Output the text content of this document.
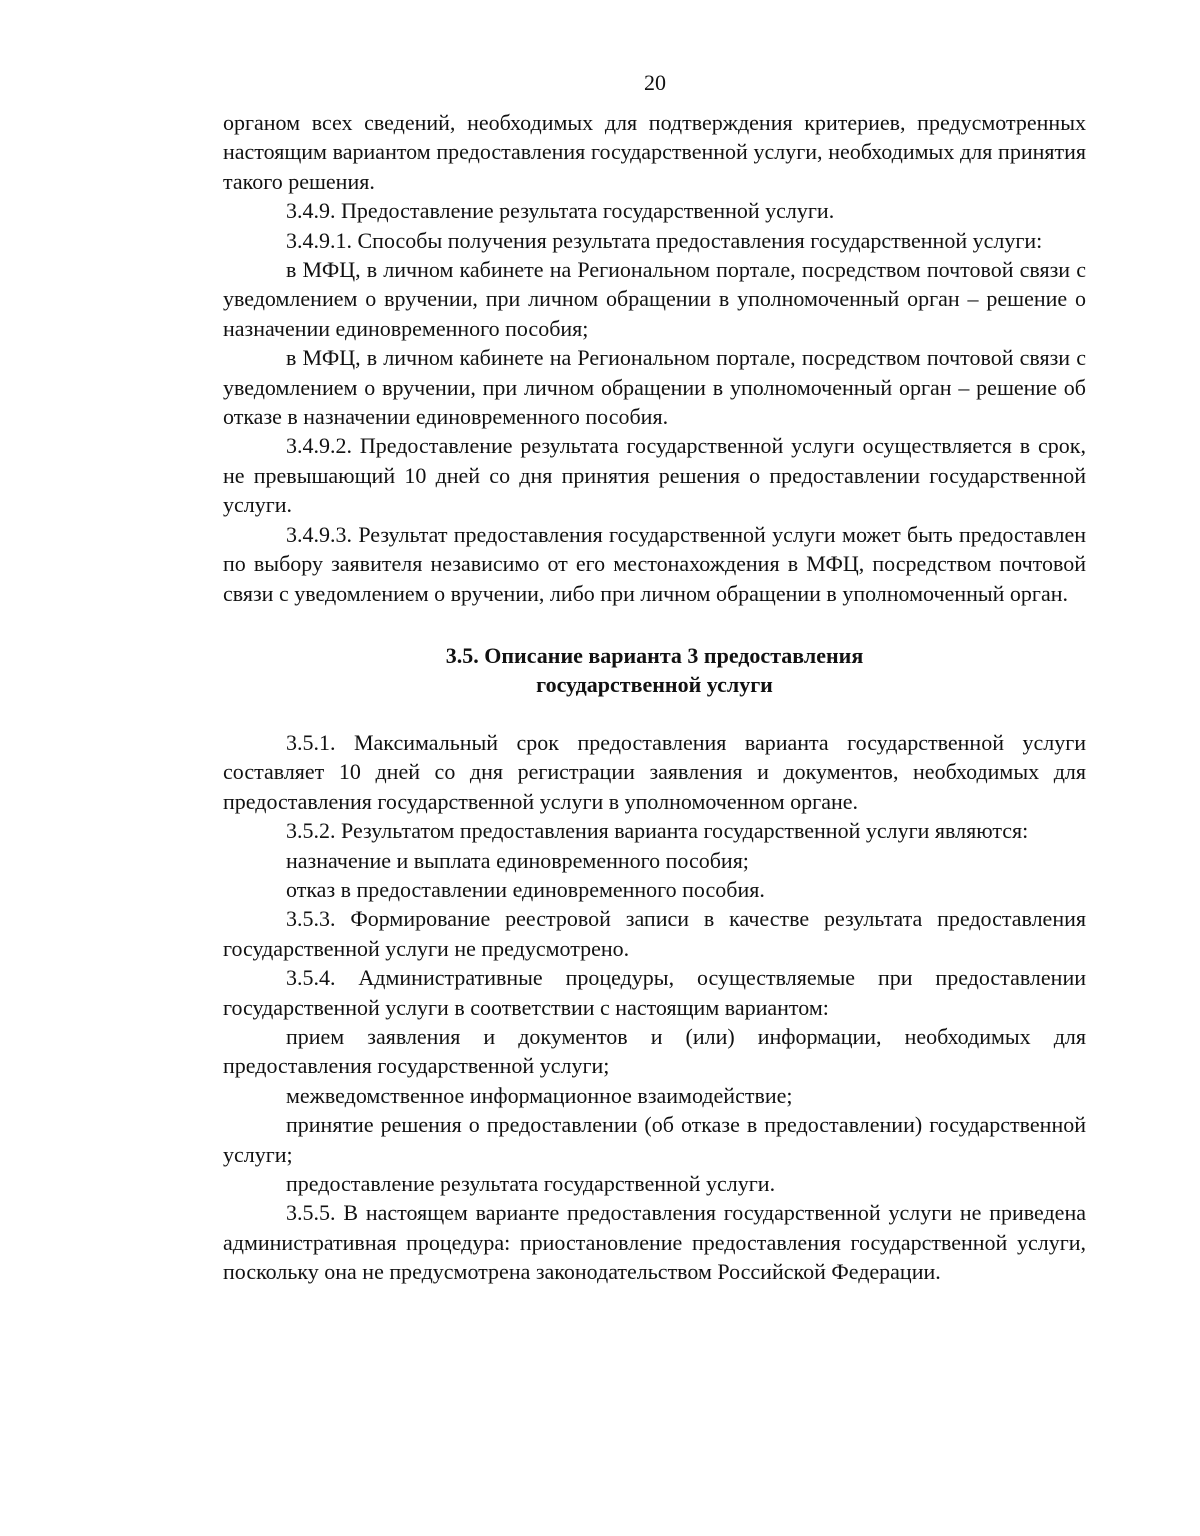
20

органом всех сведений, необходимых для подтверждения критериев, предусмотренных настоящим вариантом предоставления государственной услуги, необходимых для принятия такого решения.

3.4.9. Предоставление результата государственной услуги.

3.4.9.1. Способы получения результата предоставления государственной услуги:

в МФЦ, в личном кабинете на Региональном портале, посредством почтовой связи с уведомлением о вручении, при личном обращении в уполномоченный орган – решение о назначении единовременного пособия;

в МФЦ, в личном кабинете на Региональном портале, посредством почтовой связи с уведомлением о вручении, при личном обращении в уполномоченный орган – решение об отказе в назначении единовременного пособия.

3.4.9.2. Предоставление результата государственной услуги осуществляется в срок, не превышающий 10 дней со дня принятия решения о предоставлении государственной услуги.

3.4.9.3. Результат предоставления государственной услуги может быть предоставлен по выбору заявителя независимо от его местонахождения в МФЦ, посредством почтовой связи с уведомлением о вручении, либо при личном обращении в уполномоченный орган.

3.5. Описание варианта 3 предоставления
государственной услуги

3.5.1. Максимальный срок предоставления варианта государственной услуги составляет 10 дней со дня регистрации заявления и документов, необходимых для предоставления государственной услуги в уполномоченном органе.

3.5.2. Результатом предоставления варианта государственной услуги являются:

назначение и выплата единовременного пособия;

отказ в предоставлении единовременного пособия.

3.5.3. Формирование реестровой записи в качестве результата предоставления государственной услуги не предусмотрено.

3.5.4. Административные процедуры, осуществляемые при предоставлении государственной услуги в соответствии с настоящим вариантом:

прием заявления и документов и (или) информации, необходимых для предоставления государственной услуги;

межведомственное информационное взаимодействие;

принятие решения о предоставлении (об отказе в предоставлении) государственной услуги;

предоставление результата государственной услуги.

3.5.5. В настоящем варианте предоставления государственной услуги не приведена административная процедура: приостановление предоставления государственной услуги, поскольку она не предусмотрена законодательством Российской Федерации.
